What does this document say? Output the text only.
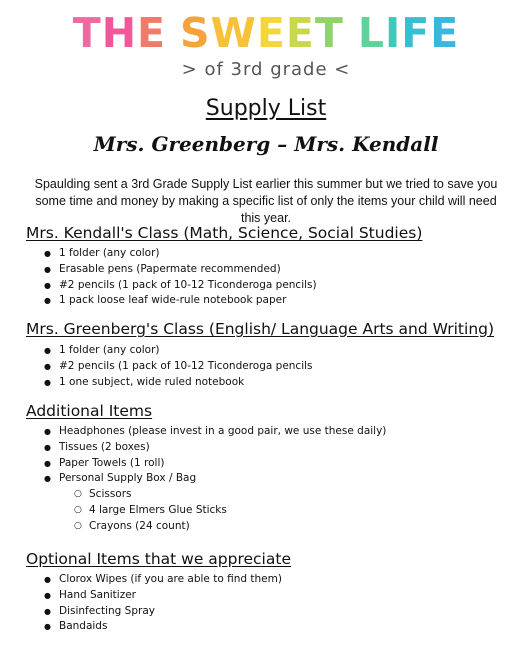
THE SWEET LIFE
> of 3rd grade <
Supply List
Mrs. Greenberg – Mrs. Kendall
Spaulding sent a 3rd Grade Supply List earlier this summer but we tried to save you some time and money by making a specific list of only the items your child will need this year.
Mrs. Kendall's Class (Math, Science, Social Studies)
● 1 folder (any color)
● Erasable pens (Papermate recommended)
● #2 pencils (1 pack of 10-12 Ticonderoga pencils)
● 1 pack loose leaf wide-rule notebook paper
Mrs. Greenberg's Class (English/ Language Arts and Writing)
● 1 folder (any color)
● #2 pencils (1 pack of 10-12 Ticonderoga pencils
● 1 one subject, wide ruled notebook
Additional Items
● Headphones (please invest in a good pair, we use these daily)
● Tissues (2 boxes)
● Paper Towels (1 roll)
● Personal Supply Box / Bag
○ Scissors
○ 4 large Elmers Glue Sticks
○ Crayons (24 count)
Optional Items that we appreciate
● Clorox Wipes (if you are able to find them)
● Hand Sanitizer
● Disinfecting Spray
● Bandaids
